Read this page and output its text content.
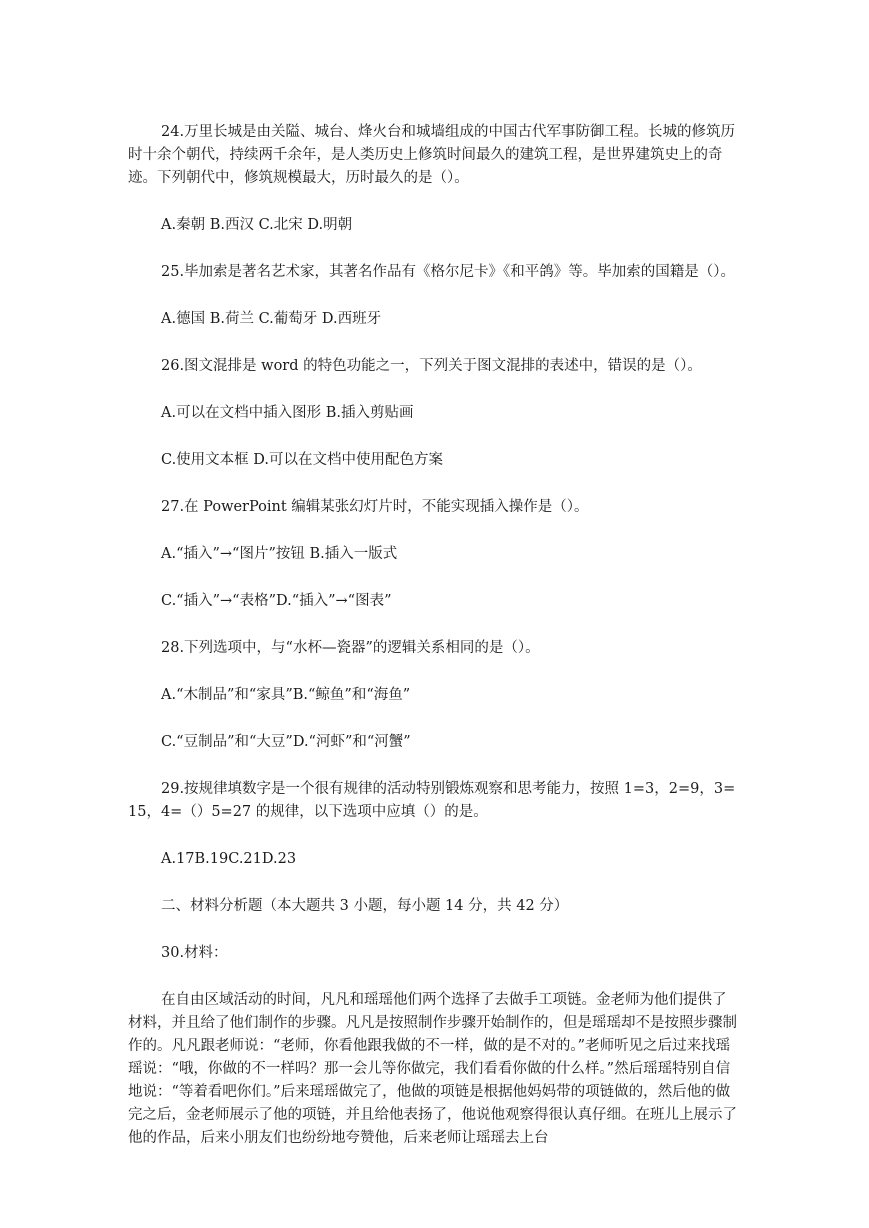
24.万里长城是由关隘、城台、烽火台和城墙组成的中国古代军事防御工程。长城的修筑历时十余个朝代，持续两千余年，是人类历史上修筑时间最久的建筑工程，是世界建筑史上的奇迹。下列朝代中，修筑规模最大，历时最久的是（）。

A.秦朝 B.西汉 C.北宋 D.明朝

25.毕加索是著名艺术家，其著名作品有《格尔尼卡》《和平鸽》等。毕加索的国籍是（）。

A.德国 B.荷兰 C.葡萄牙 D.西班牙

26.图文混排是 word 的特色功能之一，下列关于图文混排的表述中，错误的是（）。

A.可以在文档中插入图形 B.插入剪贴画

C.使用文本框 D.可以在文档中使用配色方案

27.在 PowerPoint 编辑某张幻灯片时，不能实现插入操作是（）。

A.“插入”→“图片”按钮 B.插入一版式

C.“插入”→“表格”D.“插入”→“图表”

28.下列选项中，与“水杯—瓷器”的逻辑关系相同的是（）。

A.“木制品”和“家具”B.“鲸鱼”和“海鱼”

C.“豆制品”和“大豆”D.“河虾”和“河蟹”

29.按规律填数字是一个很有规律的活动特别锻炼观察和思考能力，按照 1=3，2=9，3=15，4=（）5=27 的规律，以下选项中应填（）的是。

A.17B.19C.21D.23

二、材料分析题（本大题共 3 小题，每小题 14 分，共 42 分）

30.材料：

在自由区域活动的时间，凡凡和瑶瑶他们两个选择了去做手工项链。金老师为他们提供了材料，并且给了他们制作的步骤。凡凡是按照制作步骤开始制作的，但是瑶瑶却不是按照步骤制作的。凡凡跟老师说：“老师，你看他跟我做的不一样，做的是不对的。”老师听见之后过来找瑶瑶说：“哦，你做的不一样吗？那一会儿等你做完，我们看看你做的什么样。”然后瑶瑶特别自信地说：“等着看吧你们。”后来瑶瑶做完了，他做的项链是根据他妈妈带的项链做的，然后他的做完之后，金老师展示了他的项链，并且给他表扬了，他说他观察得很认真仔细。在班儿上展示了他的作品，后来小朋友们也纷纷地夸赞他，后来老师让瑶瑶去上台
